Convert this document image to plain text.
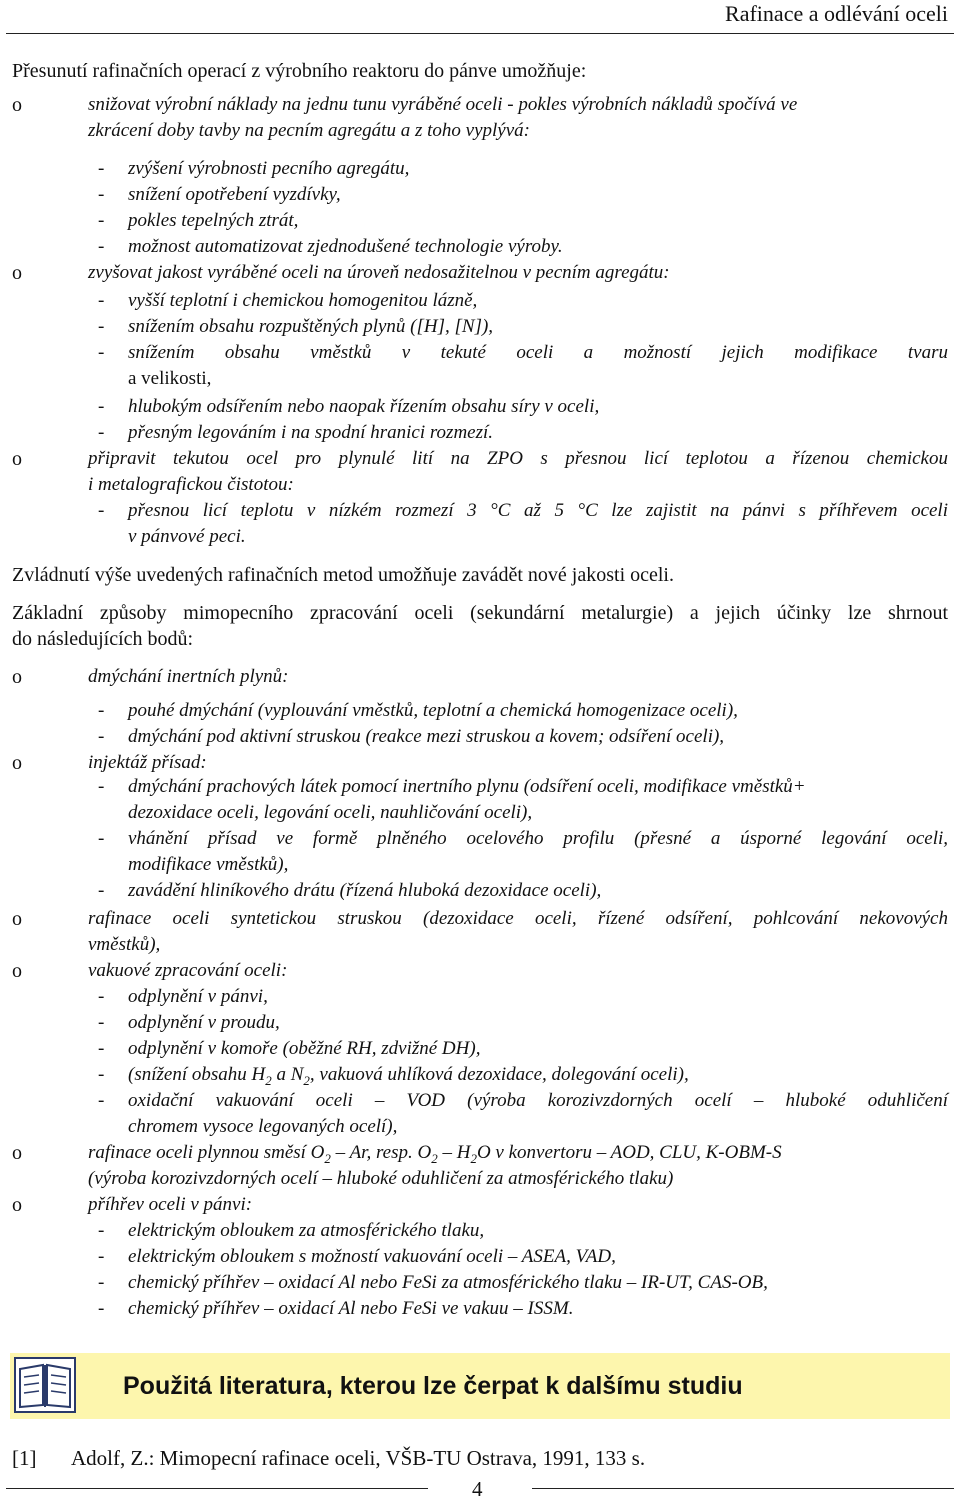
Rafinace a odlévání oceli
Přesunutí rafinačních operací z výrobního reaktoru do pánve umožňuje:
o	snižovat výrobní náklady na jednu tunu vyráběné oceli - pokles výrobních nákladů spočívá ve
zkrácení doby tavby na pecním agregátu a z toho vyplývá:
- zvýšení výrobnosti pecního agregátu,
- snížení opotřebení vyzdívky,
- pokles tepelných ztrát,
- možnost automatizovat zjednodušené technologie výroby.
o	zvyšovat jakost vyráběné oceli na úroveň nedosažitelnou v pecním agregátu:
- vyšší teplotní i chemickou homogenitou lázně,
- snížením obsahu rozpuštěných plynů ([H], [N]),
- snížením obsahu vměstků v tekuté oceli a možností jejich modifikace tvaru
a velikosti,
- hlubokým odsířením nebo naopak řízením obsahu síry v oceli,
- přesným legováním i na spodní hranici rozmezí.
o	připravit tekutou ocel pro plynulé lití na ZPO s přesnou licí teplotou a řízenou chemickou
i metalografickou čistotou:
- přesnou licí teplotu v nízkém rozmezí 3 °C až 5 °C lze zajistit na pánvi s příhřevem oceli
v pánvové peci.
Zvládnutí výše uvedených rafinačních metod umožňuje zavádět nové jakosti oceli.
Základní způsoby mimopecního zpracování oceli (sekundární metalurgie) a jejich účinky lze shrnout
do následujících bodů:
o	dmýchání inertních plynů:
- pouhé dmýchání (vyplouvání vměstků, teplotní a chemická homogenizace oceli),
- dmýchání pod aktivní struskou (reakce mezi struskou a kovem; odsíření oceli),
o	injektáž přísad:
- dmýchání prachových látek pomocí inertního plynu (odsíření oceli, modifikace vměstků+
dezoxidace oceli, legování oceli, nauhličování oceli),
- vhánění přísad ve formě plněného ocelového profilu (přesné a úsporné legování oceli,
modifikace vměstků),
- zavádění hliníkového drátu (řízená hluboká dezoxidace oceli),
o	rafinace oceli syntetickou struskou (dezoxidace oceli, řízené odsíření, pohlcování nekovových
vměstků),
o	vakuové zpracování oceli:
- odplynění v pánvi,
- odplynění v proudu,
- odplynění v komoře (oběžné RH, zdvižné DH),
- (snížení obsahu $H_2$ a $N_2$, vakuová uhlíková dezoxidace, dolegování oceli),
- oxidační vakuování oceli – VOD (výroba korozivzdorných ocelí – hluboké oduhličení
chromem vysoce legovaných ocelí),
o	rafinace oceli plynnou směsí $O_2$ – Ar, resp. $O_2 - H_2O$ v konvertoru – AOD, CLU, K-OBM-S
(výroba korozivzdorných ocelí – hluboké oduhličení za atmosférického tlaku)
o	příhřev oceli v pánvi:
- elektrickým obloukem za atmosférického tlaku,
- elektrickým obloukem s možností vakuování oceli – ASEA, VAD,
- chemický příhřev – oxidací Al nebo FeSi za atmosférického tlaku – IR-UT, CAS-OB,
- chemický příhřev – oxidací Al nebo FeSi ve vakuu – ISSM.
Použitá literatura, kterou lze čerpat k dalšímu studiu
[1] Adolf, Z.: Mimopecní rafinace oceli, VŠB-TU Ostrava, 1991, 133 s.
4
